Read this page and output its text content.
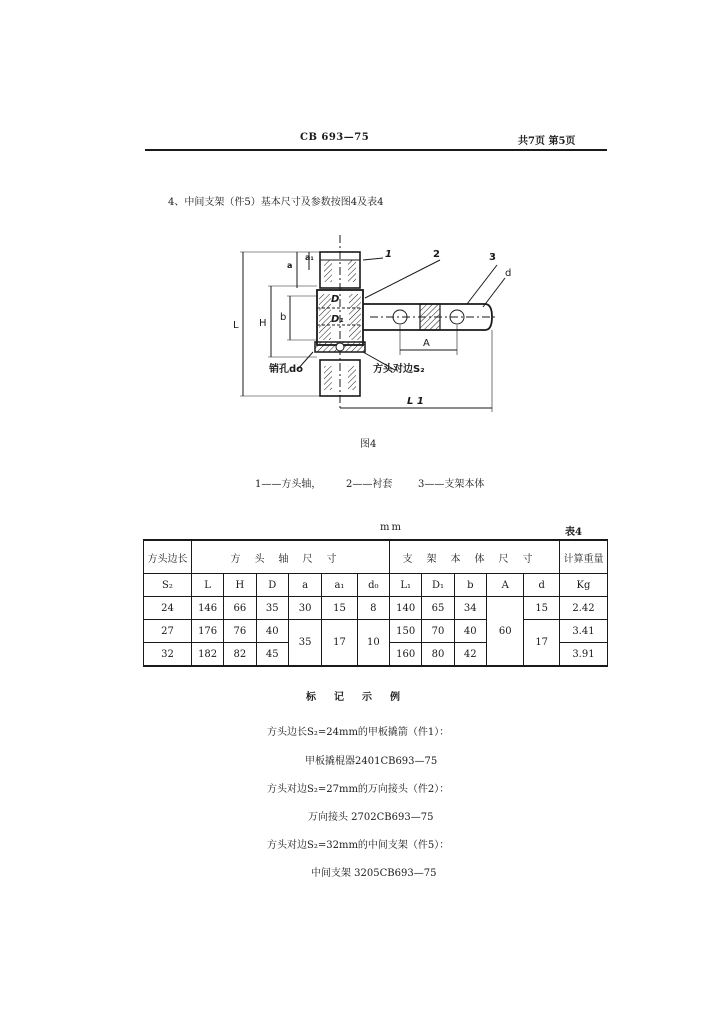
CB 693—75	共7页 第5页
4、中间支架（件5）基本尺寸及参数按图4及表4
1	2	3
d
a
a₁
D
D₁
H
b
L
A
销孔do	方头对边S₂
L 1
图4
1——方头轴， 2——衬套	3——支架本体
mm	表4
方头边长	方头轴尺寸						支架本体尺寸					计算重量
S₂	L	H	D	a	a₁	d₀	L₁	D₁	b	A	d	Kg
24	146	66	35	30	15	8	140	65	34	60	15	2.42
27	176	76	40	35	17	10	150	70	40		17	3.41
32	182	82	45				160	80	42			3.91
标记示例
方头边长S₂=24mm的甲板撬箭（件1）：
甲板撬棍器2401CB693—75
方头对边S₂=27mm的万向接头（件2）：
万向接头 2702CB693—75
方头对边S₂=32mm的中间支架（件5）：
中间支架 3205CB693—75
